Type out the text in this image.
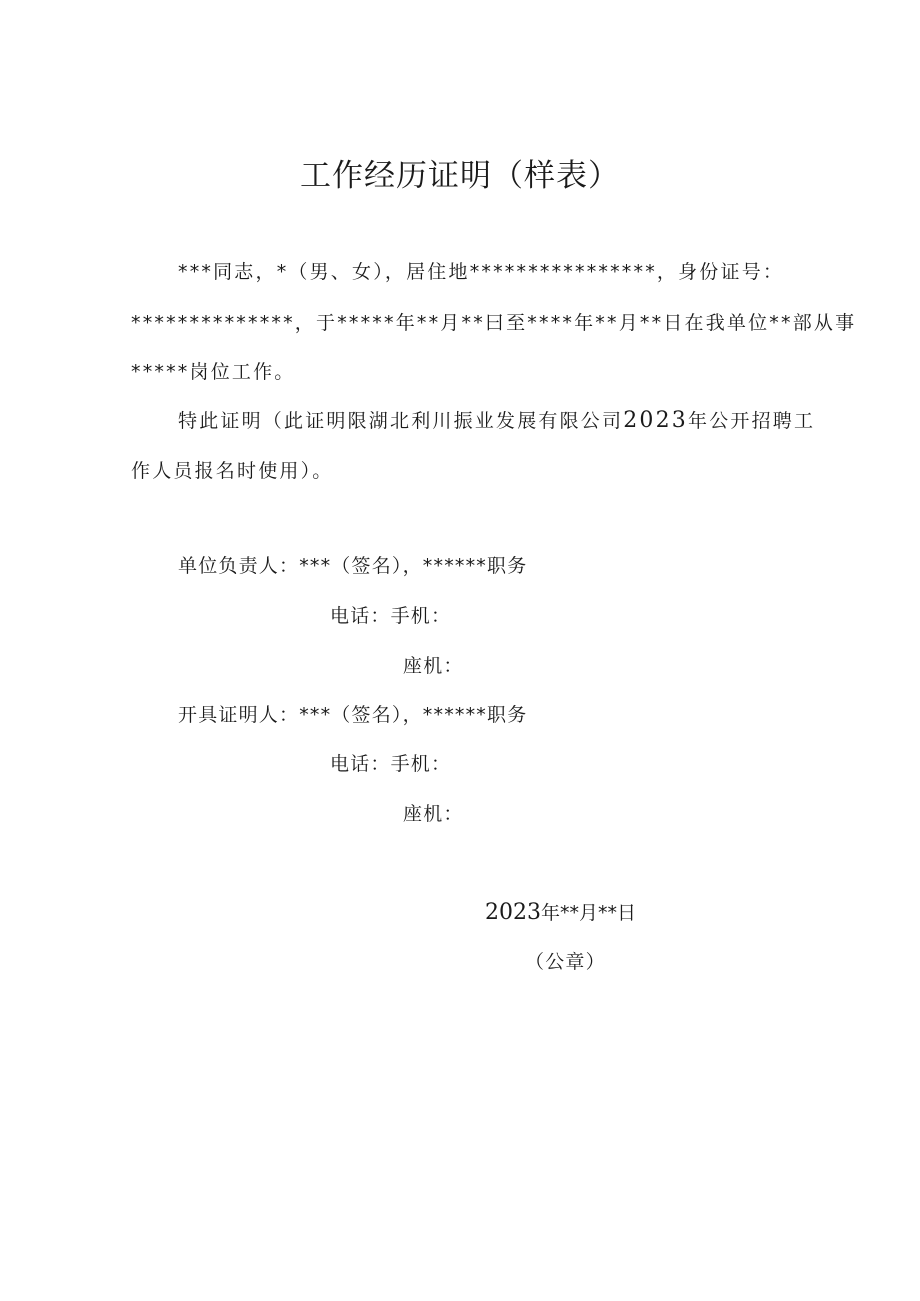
工作经历证明（样表）
***同志，*（男、女），居住地****************，身份证号：
**************，于*****年**月**曰至****年**月**日在我单位**部从事
*****岗位工作。
特此证明（此证明限湖北利川振业发展有限公司2023年公开招聘工
作人员报名时使用）。
单位负责人：***（签名），******职务
电话：手机：
座机：
开具证明人：***（签名），******职务
电话：手机：
座机：
2023年**月**日
（公章）
